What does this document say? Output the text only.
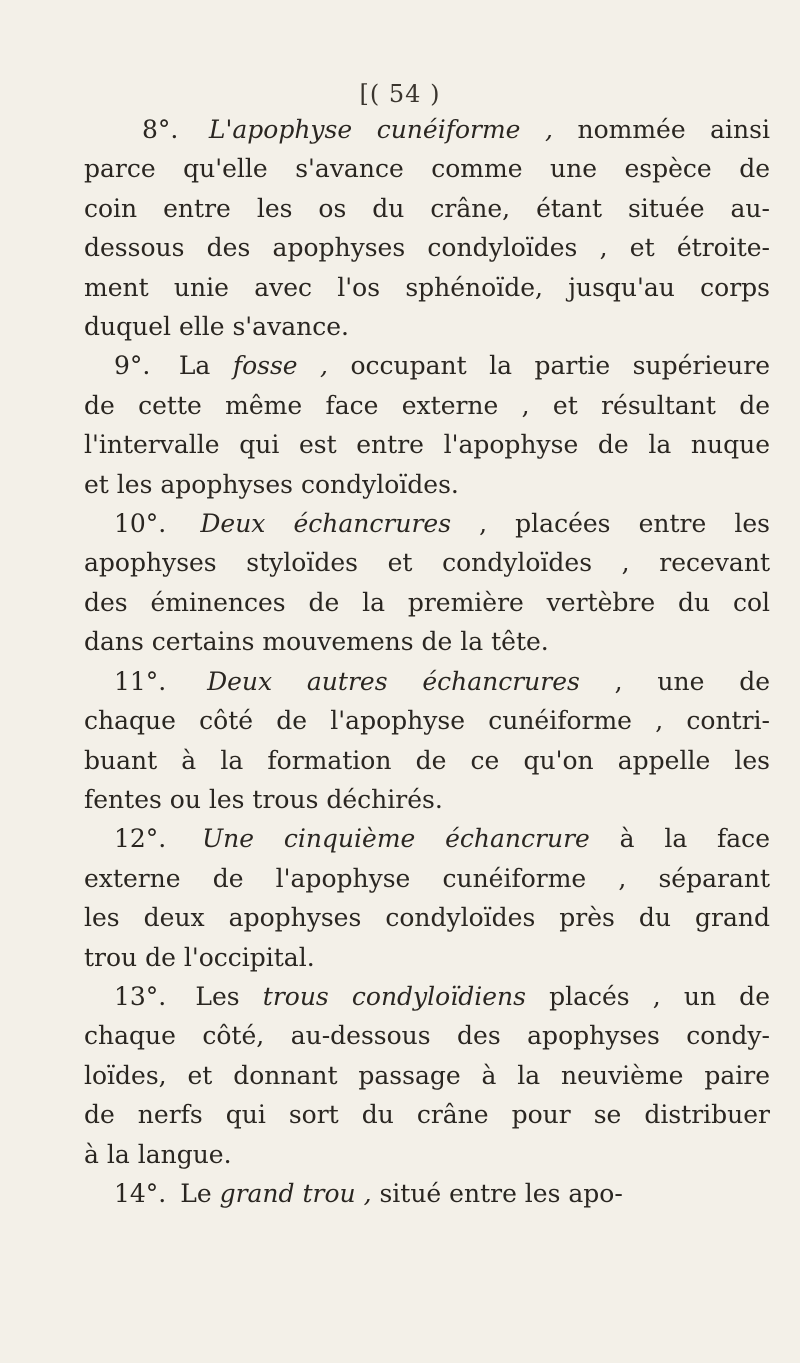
[( 54 )
8°. L'apophyse cunéiforme , nommée ainsi
parce qu'elle s'avance comme une espèce de
coin entre les os du crâne, étant située au-
dessous des apophyses condyloïdes , et étroite-
ment unie avec l'os sphénoïde, jusqu'au corps
duquel elle s'avance.
9°. La fosse , occupant la partie supérieure
de cette même face externe , et résultant de
l'intervalle qui est entre l'apophyse de la nuque
et les apophyses condyloïdes.
10°. Deux échancrures , placées entre les
apophyses styloïdes et condyloïdes , recevant
des éminences de la première vertèbre du col
dans certains mouvemens de la tête.
11°. Deux autres échancrures , une de
chaque côté de l'apophyse cunéiforme , contri-
buant à la formation de ce qu'on appelle les
fentes ou les trous déchirés.
12°. Une cinquième échancrure à la face
externe de l'apophyse cunéiforme , séparant
les deux apophyses condyloïdes près du grand
trou de l'occipital.
13°. Les trous condyloïdiens placés , un de
chaque côté, au-dessous des apophyses condy-
loïdes, et donnant passage à la neuvième paire
de nerfs qui sort du crâne pour se distribuer
à la langue.
14°. Le grand trou , situé entre les apo-
